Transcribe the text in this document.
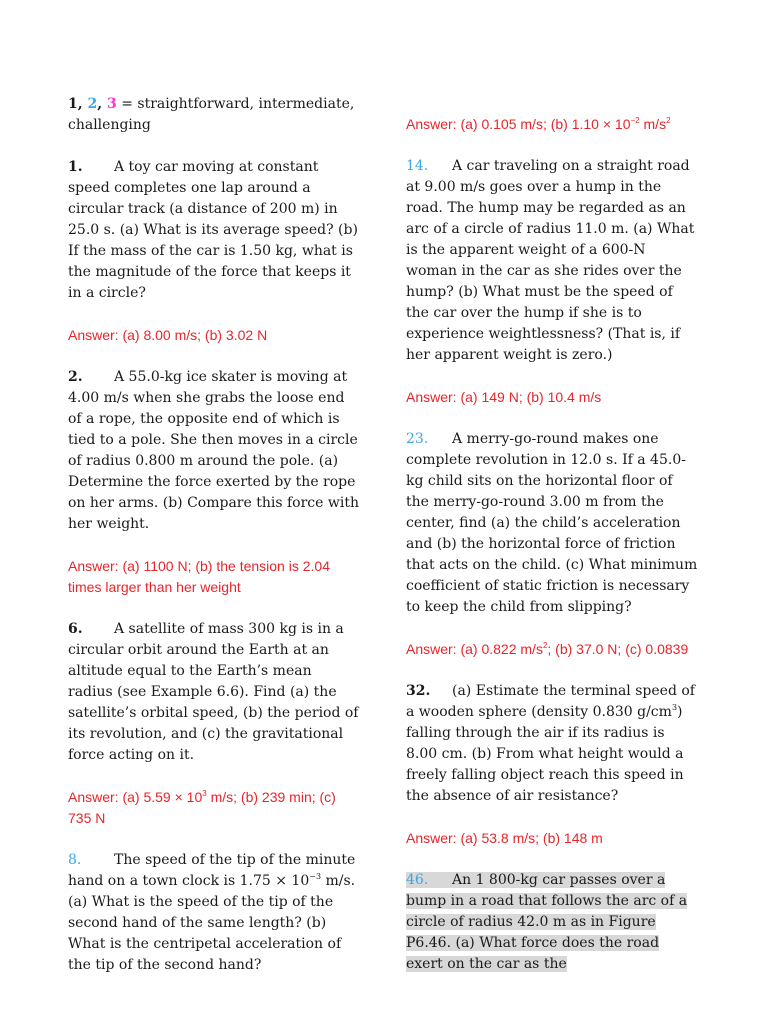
1, 2, 3 = straightforward, intermediate, challenging

1. A toy car moving at constant speed completes one lap around a circular track (a distance of 200 m) in 25.0 s. (a) What is its average speed? (b) If the mass of the car is 1.50 kg, what is the magnitude of the force that keeps it in a circle?

Answer: (a) 8.00 m/s; (b) 3.02 N

2. A 55.0-kg ice skater is moving at 4.00 m/s when she grabs the loose end of a rope, the opposite end of which is tied to a pole. She then moves in a circle of radius 0.800 m around the pole. (a) Determine the force exerted by the rope on her arms. (b) Compare this force with her weight.

Answer: (a) 1100 N; (b) the tension is 2.04 times larger than her weight

6. A satellite of mass 300 kg is in a circular orbit around the Earth at an altitude equal to the Earth’s mean radius (see Example 6.6). Find (a) the satellite’s orbital speed, (b) the period of its revolution, and (c) the gravitational force acting on it.

Answer: (a) $5.59 \times 10^3$ m/s; (b) 239 min; (c) 735 N

8. The speed of the tip of the minute hand on a town clock is $1.75 \times 10^{-3}$ m/s. (a) What is the speed of the tip of the second hand of the same length? (b) What is the centripetal acceleration of the tip of the second hand?

Answer: (a) 0.105 m/s; (b) $1.10 \times 10^{-2}$ $m/s^2$

14. A car traveling on a straight road at 9.00 m/s goes over a hump in the road. The hump may be regarded as an arc of a circle of radius 11.0 m. (a) What is the apparent weight of a 600-N woman in the car as she rides over the hump? (b) What must be the speed of the car over the hump if she is to experience weightlessness? (That is, if her apparent weight is zero.)

Answer: (a) 149 N; (b) 10.4 m/s

23. A merry-go-round makes one complete revolution in 12.0 s. If a 45.0-kg child sits on the horizontal floor of the merry-go-round 3.00 m from the center, find (a) the child’s acceleration and (b) the horizontal force of friction that acts on the child. (c) What minimum coefficient of static friction is necessary to keep the child from slipping?

Answer: (a) 0.822 $m/s^2$; (b) 37.0 N; (c) 0.0839

32. (a) Estimate the terminal speed of a wooden sphere (density 0.830 $g/cm^3$) falling through the air if its radius is 8.00 cm. (b) From what height would a freely falling object reach this speed in the absence of air resistance?

Answer: (a) 53.8 m/s; (b) 148 m

46. An 1 800-kg car passes over a bump in a road that follows the arc of a circle of radius 42.0 m as in Figure P6.46. (a) What force does the road exert on the car as the
